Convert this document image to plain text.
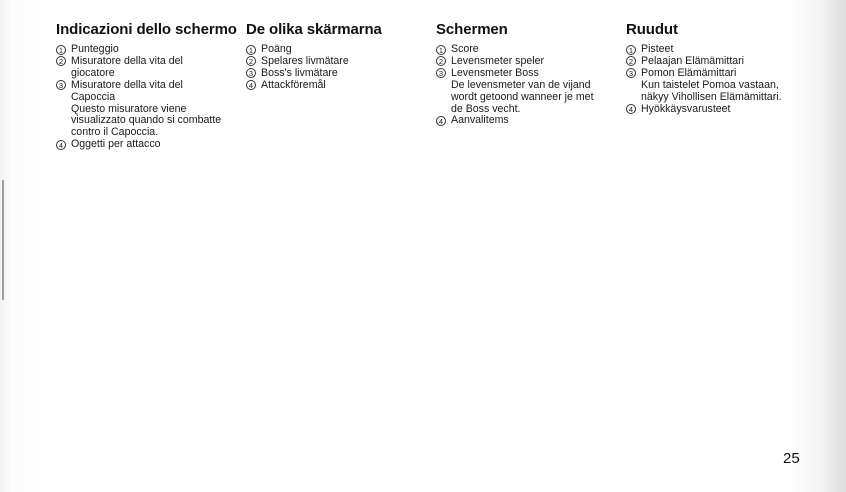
Indicazioni dello schermo
1 Punteggio
2 Misuratore della vita del
giocatore
3 Misuratore della vita del
Capoccia
Questo misuratore viene
visualizzato quando si combatte
contro il Capoccia.
4 Oggetti per attacco
De olika skärmarna
1 Poäng
2 Spelares livmätare
3 Boss's livmätare
4 Attackföremål
Schermen
1 Score
2 Levensmeter speler
3 Levensmeter Boss
De levensmeter van de vijand
wordt getoond wanneer je met
de Boss vecht.
4 Aanvalitems
Ruudut
1 Pisteet
2 Pelaajan Elämämittari
3 Pomon Elämämittari
Kun taistelet Pomoa vastaan,
näkyy Vihollisen Elämämittari.
4 Hyökkäysvarusteet
25
